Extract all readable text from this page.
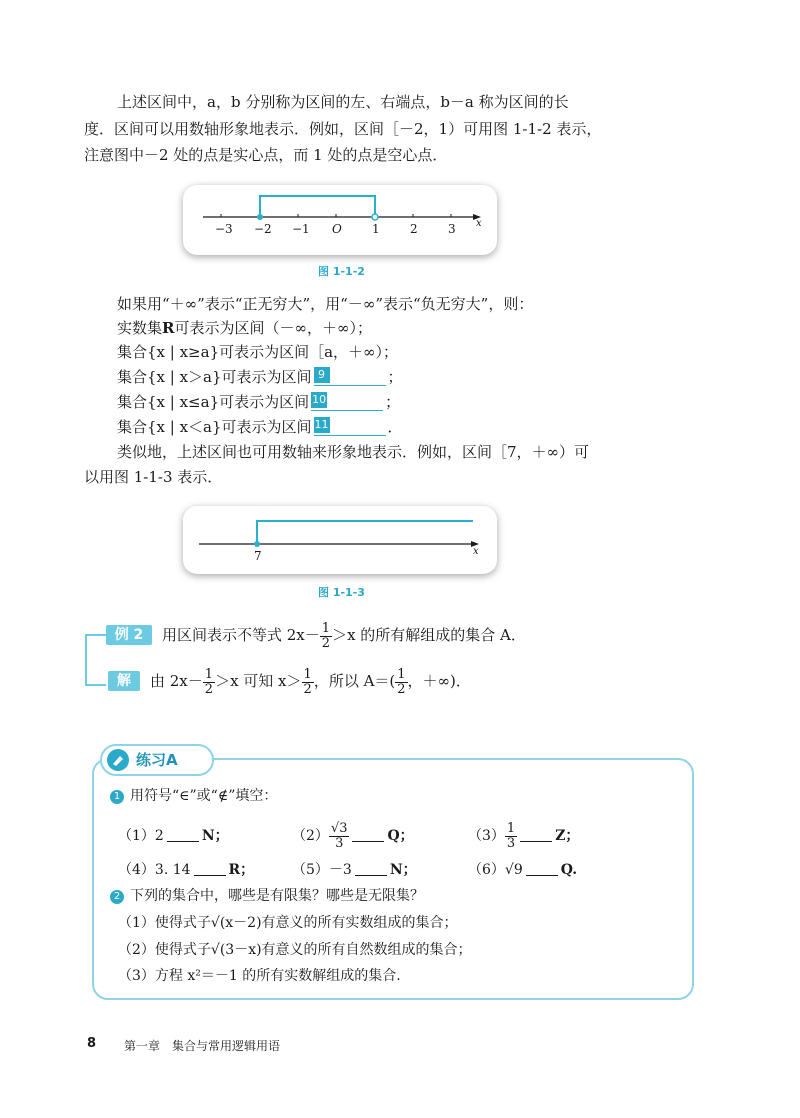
上述区间中，a，b 分别称为区间的左、右端点，b－a 称为区间的长
度．区间可以用数轴形象地表示．例如，区间［－2，1）可用图 1-1-2 表示，
注意图中－2 处的点是实心点，而 1 处的点是空心点．
−3 −2 −1 O	1	2	3 x
图 1-1-2
如果用“＋∞”表示“正无穷大”，用“－∞”表示“负无穷大”，则：
实数集R可表示为区间（－∞，＋∞）；
集合{x | x≥a}可表示为区间［a，＋∞）；
集合{x | x＞a}可表示为区间 9	；
集合{x | x≤a}可表示为区间 10	；
集合{x | x＜a}可表示为区间 11	．
类似地，上述区间也可用数轴来形象地表示．例如，区间［7，＋∞）可
以用图 1-1-3 表示．
7	x
图 1-1-3
例 2	用区间表示不等式 $2x- \frac{1}{2} >x$ 的所有解组成的集合 A．
解	由 $2x- \frac{1}{2} >x$ 可知 $x> \frac{1}{2}$ ，所以 $A=( \frac{1}{2}$ ，＋∞)．
练习A
1 用符号“∈”或“∉”填空：
（1）2	N；	$(2) \frac{√3}{3}$	Q；	$(3) \frac{1}{3}$	Z；
（4）3. 14	R；	（5）－3	N；	（6）√9	Q.
2 下列的集合中，哪些是有限集？哪些是无限集？
（1）使得式子√(x－2)有意义的所有实数组成的集合；
（2）使得式子√(3－x)有意义的所有自然数组成的集合；
（3）方程 x²＝－1 的所有实数解组成的集合.
8 第一章　集合与常用逻辑用语
